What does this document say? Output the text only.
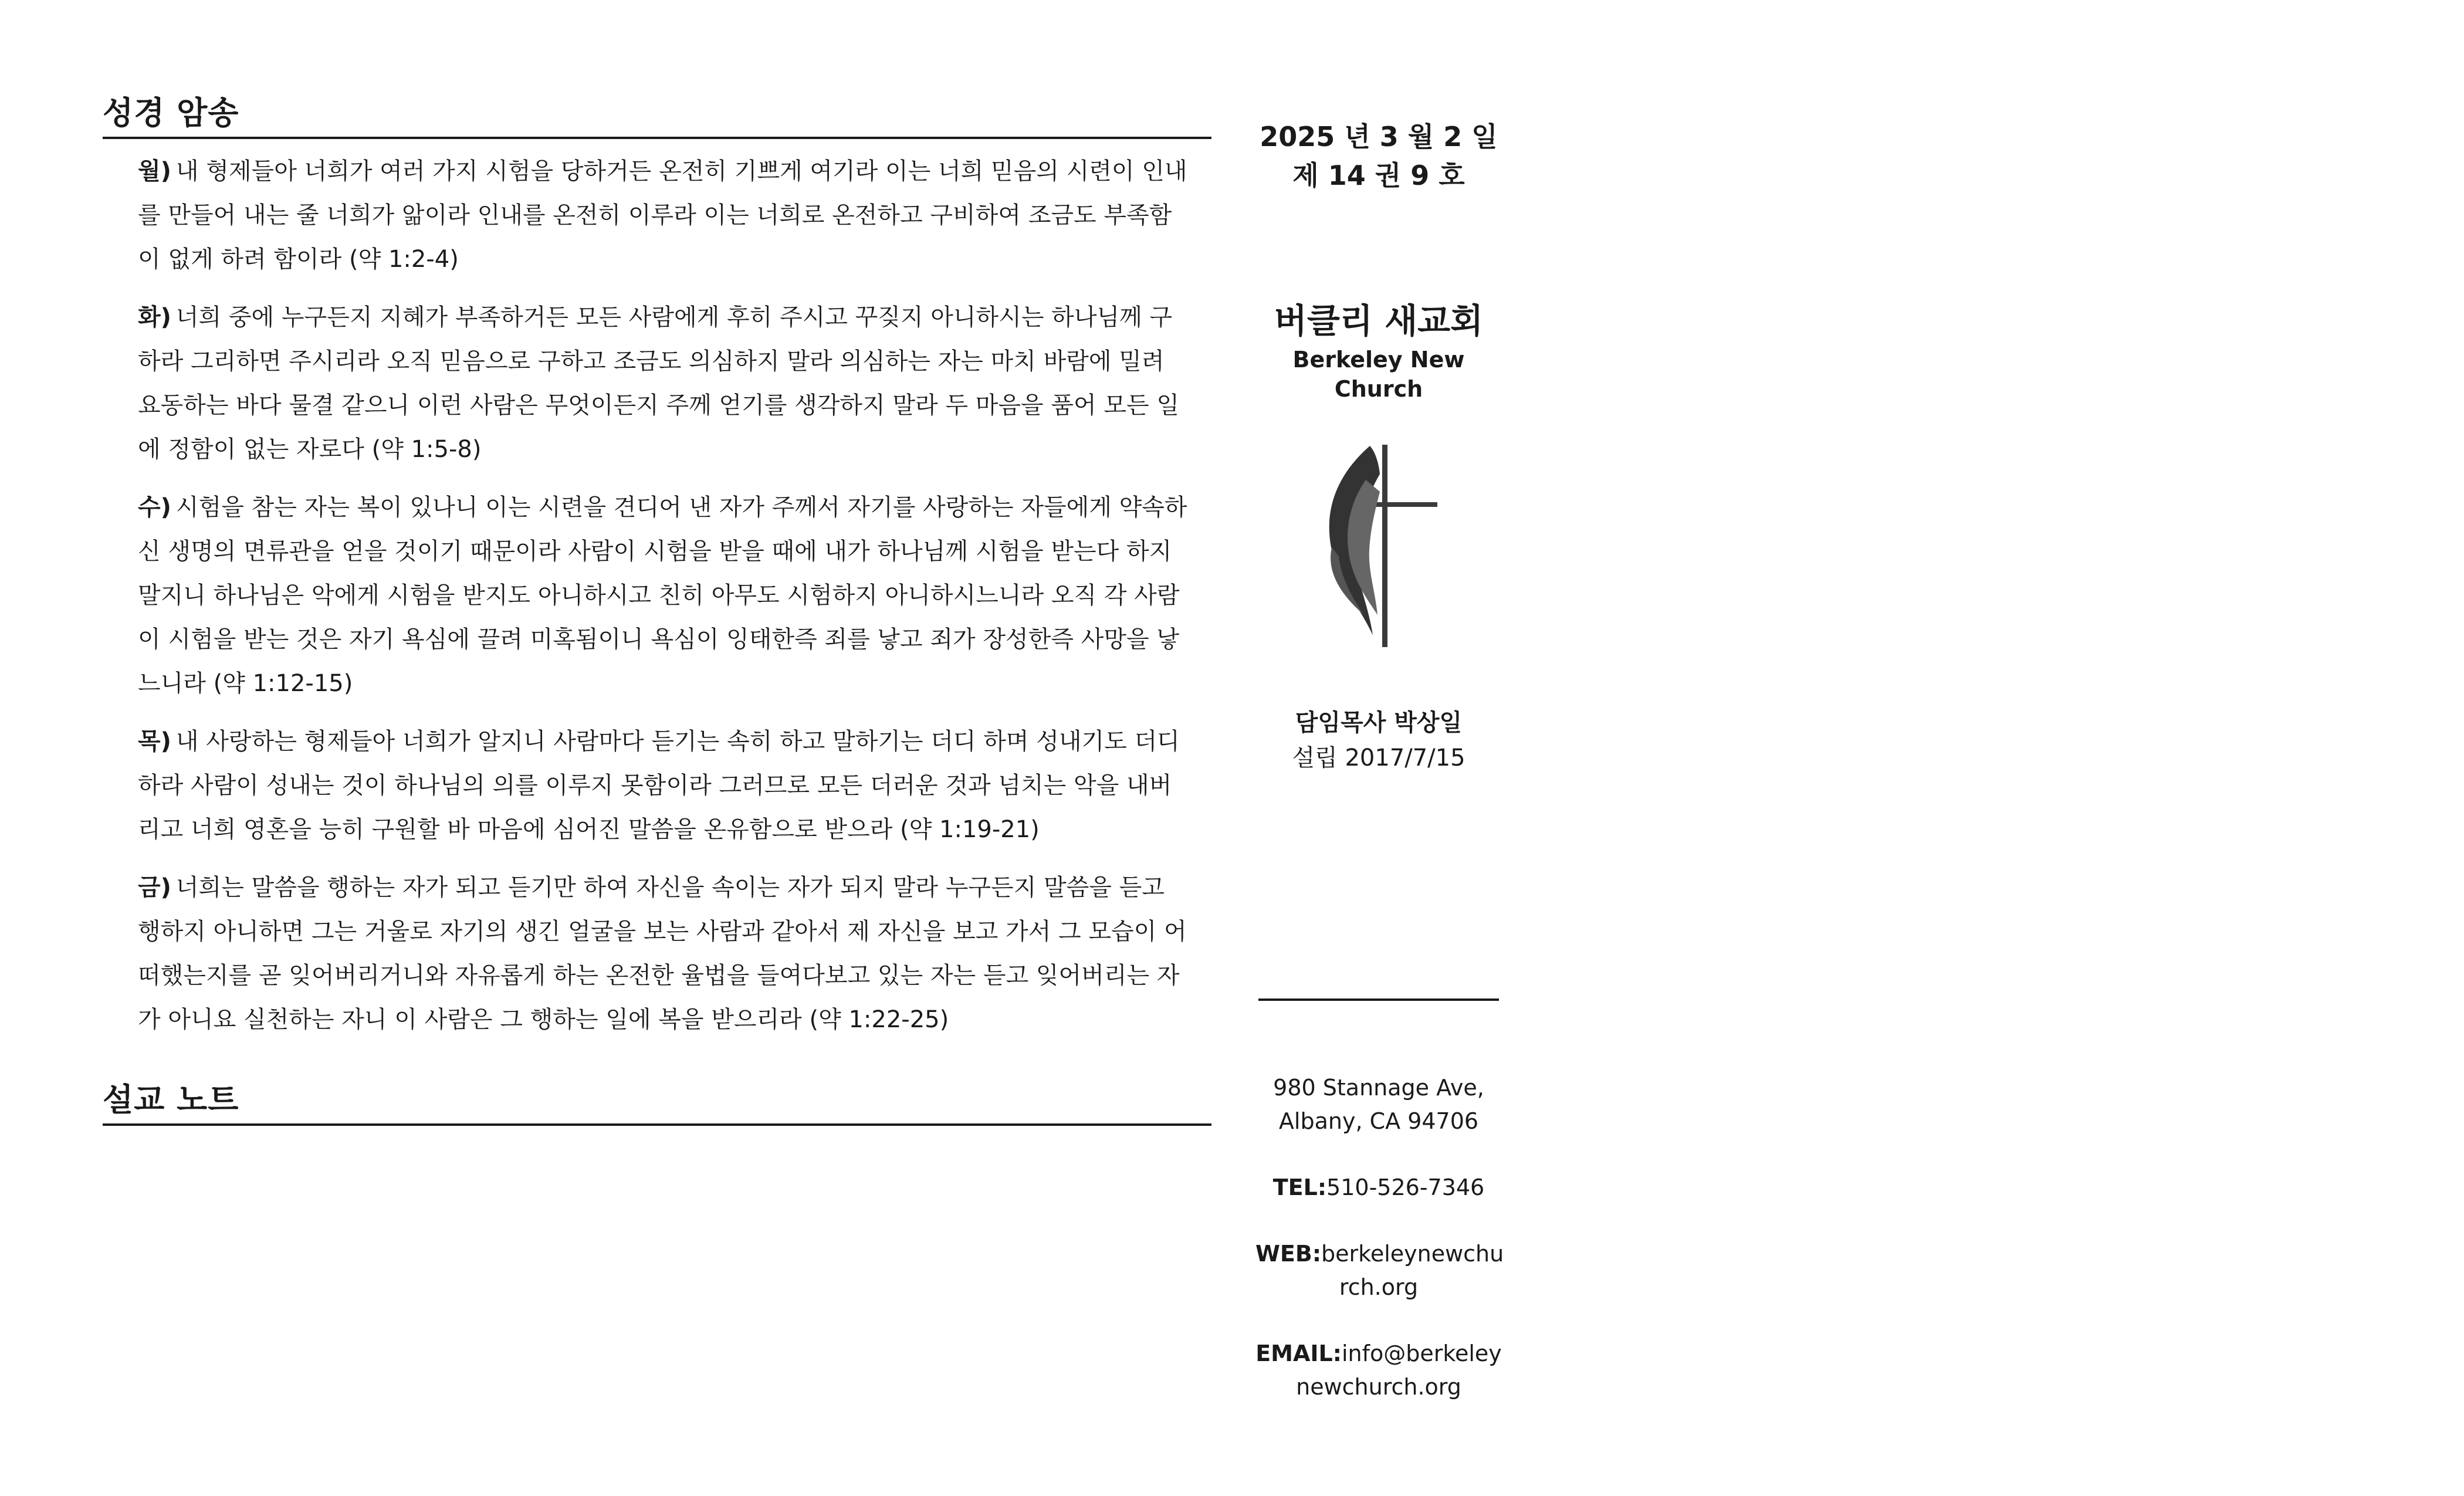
성경 암송
월) 내 형제들아 너희가 여러 가지 시험을 당하거든 온전히 기쁘게 여기라 이는 너희 믿음의 시련이 인내를 만들어 내는 줄 너희가 앎이라 인내를 온전히 이루라 이는 너희로 온전하고 구비하여 조금도 부족함이 없게 하려 함이라 (약 1:2-4)
화) 너희 중에 누구든지 지혜가 부족하거든 모든 사람에게 후히 주시고 꾸짖지 아니하시는 하나님께 구하라 그리하면 주시리라 오직 믿음으로 구하고 조금도 의심하지 말라 의심하는 자는 마치 바람에 밀려 요동하는 바다 물결 같으니 이런 사람은 무엇이든지 주께 얻기를 생각하지 말라 두 마음을 품어 모든 일에 정함이 없는 자로다 (약 1:5-8)
수) 시험을 참는 자는 복이 있나니 이는 시련을 견디어 낸 자가 주께서 자기를 사랑하는 자들에게 약속하신 생명의 면류관을 얻을 것이기 때문이라 사람이 시험을 받을 때에 내가 하나님께 시험을 받는다 하지 말지니 하나님은 악에게 시험을 받지도 아니하시고 친히 아무도 시험하지 아니하시느니라 오직 각 사람이 시험을 받는 것은 자기 욕심에 끌려 미혹됨이니 욕심이 잉태한즉 죄를 낳고 죄가 장성한즉 사망을 낳느니라 (약 1:12-15)
목) 내 사랑하는 형제들아 너희가 알지니 사람마다 듣기는 속히 하고 말하기는 더디 하며 성내기도 더디 하라 사람이 성내는 것이 하나님의 의를 이루지 못함이라 그러므로 모든 더러운 것과 넘치는 악을 내버리고 너희 영혼을 능히 구원할 바 마음에 심어진 말씀을 온유함으로 받으라 (약 1:19-21)
금) 너희는 말씀을 행하는 자가 되고 듣기만 하여 자신을 속이는 자가 되지 말라 누구든지 말씀을 듣고 행하지 아니하면 그는 거울로 자기의 생긴 얼굴을 보는 사람과 같아서 제 자신을 보고 가서 그 모습이 어떠했는지를 곧 잊어버리거니와 자유롭게 하는 온전한 율법을 들여다보고 있는 자는 듣고 잊어버리는 자가 아니요 실천하는 자니 이 사람은 그 행하는 일에 복을 받으리라 (약 1:22-25)
설교 노트
2025 년 3 월 2 일
제 14 권 9 호
버클리 새교회
Berkeley New Church
담임목사 박상일
설립 2017/7/15
980 Stannage Ave,
Albany, CA 94706
TEL:510-526-7346
WEB:berkeleynewchu
rch.org
EMAIL:info@berkeley
newchurch.org
